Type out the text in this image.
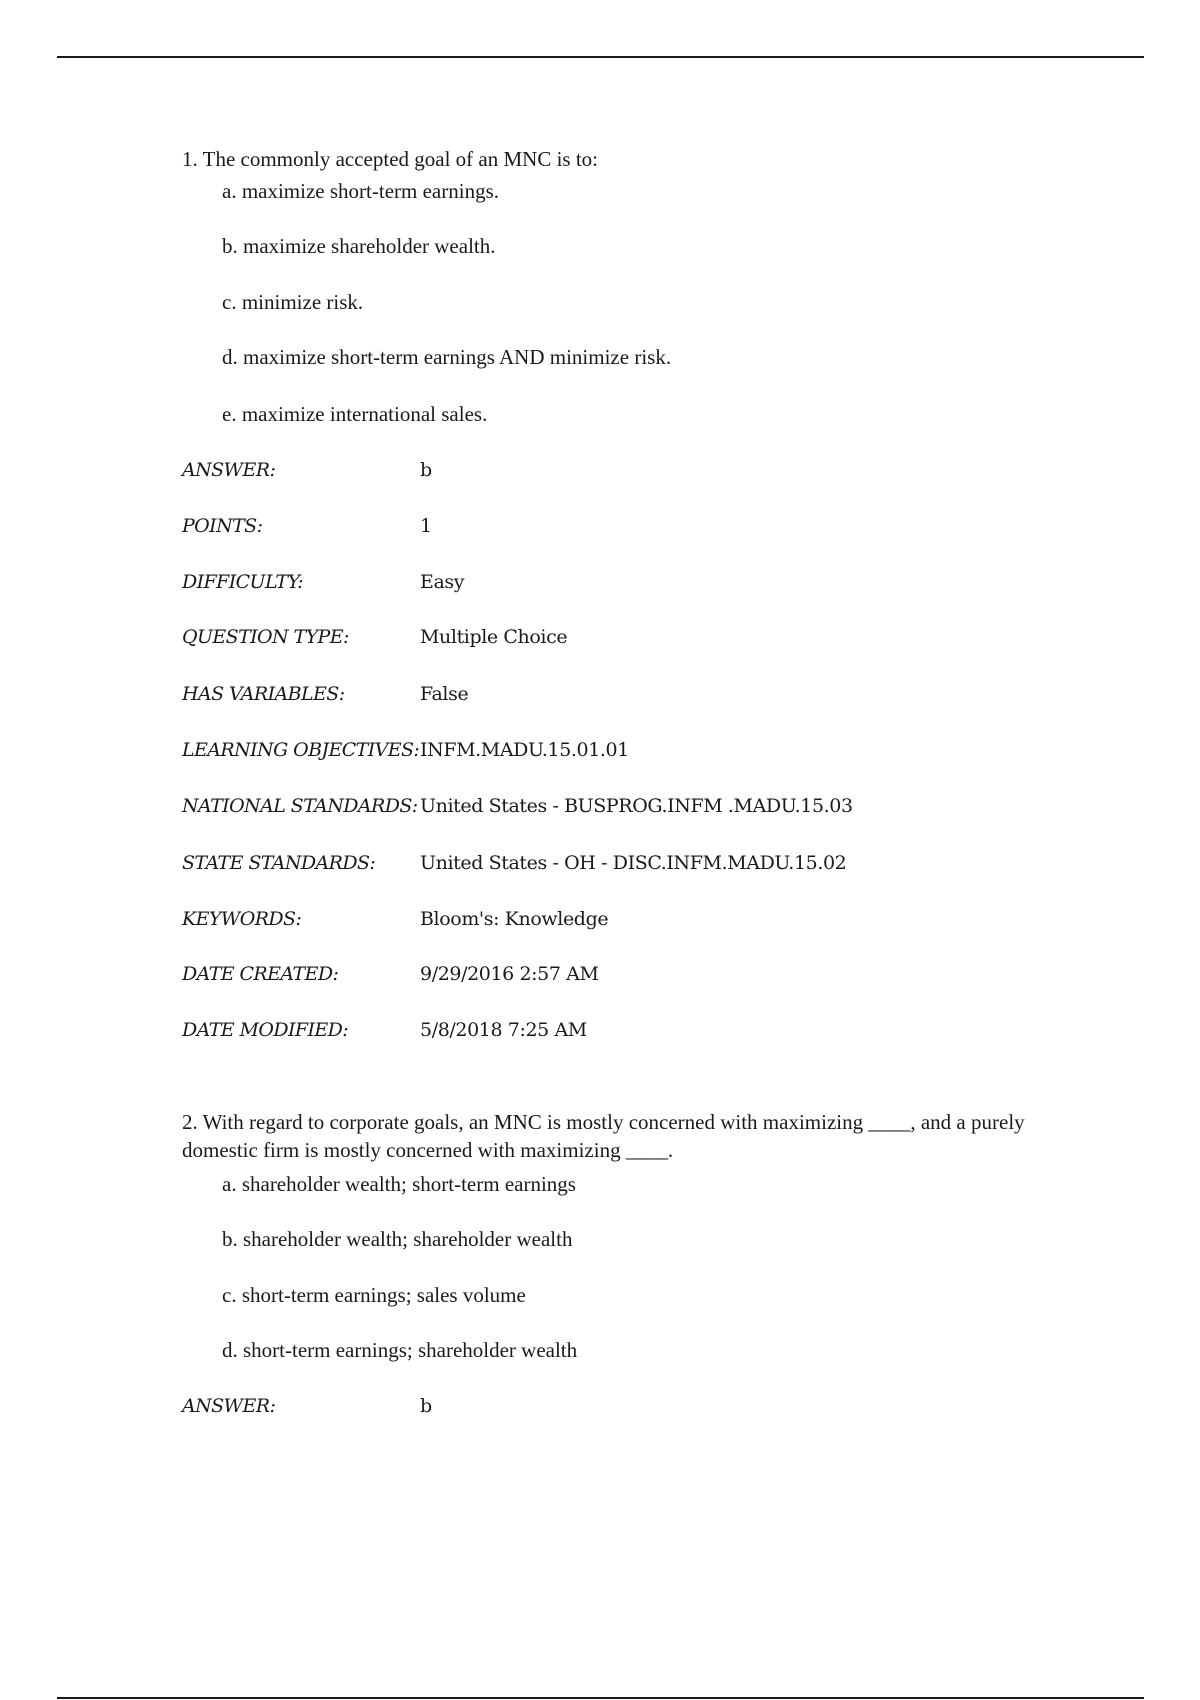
1. The commonly accepted goal of an MNC is to:
a. maximize short-term earnings.
b. maximize shareholder wealth.
c. minimize risk.
d. maximize short-term earnings AND minimize risk.
e. maximize international sales.
ANSWER:	b
POINTS:	1
DIFFICULTY:	Easy
QUESTION TYPE:	Multiple Choice
HAS VARIABLES:	False
LEARNING OBJECTIVES: INFM.MADU.15.01.01
NATIONAL STANDARDS: United States - BUSPROG.INFM .MADU.15.03
STATE STANDARDS: United States - OH - DISC.INFM.MADU.15.02
KEYWORDS:	Bloom's: Knowledge
DATE CREATED:	9/29/2016 2:57 AM
DATE MODIFIED:	5/8/2018 7:25 AM
2. With regard to corporate goals, an MNC is mostly concerned with maximizing ____, and a purely domestic firm is mostly concerned with maximizing ____.
a. shareholder wealth; short-term earnings
b. shareholder wealth; shareholder wealth
c. short-term earnings; sales volume
d. short-term earnings; shareholder wealth
ANSWER:	b
